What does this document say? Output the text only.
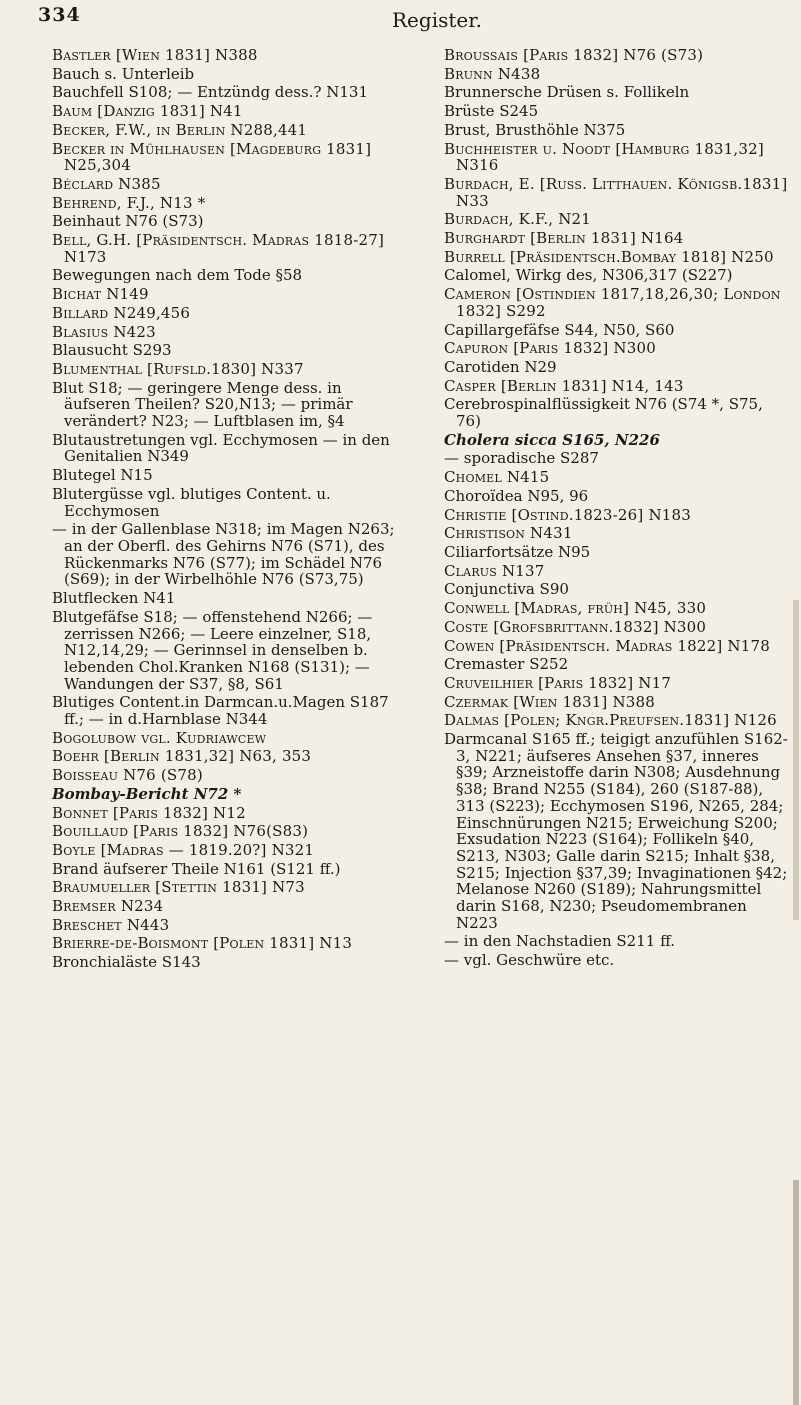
334	Register.

Bastler [Wien 1831] N388

Bauch s. Unterleib

Bauchfell S108; — Entzündg dess.? N131

Baum [Danzig 1831] N41

Becker, F.W., in Berlin N288,441

Becker in Mühlhausen [Magdeburg 1831] N25,304

Béclard N385

Behrend, F.J., N13 *

Beinhaut N76 (S73)

Bell, G.H. [Präsidentsch. Madras 1818-27] N173

Bewegungen nach dem Tode §58

Bichat N149

Billard N249,456

Blasius N423

Blausucht S293

Blumenthal [Rufsld.1830] N337

Blut S18; — geringere Menge dess. in äufseren Theilen? S20,N13; — primär verändert? N23; — Luftblasen im, §4

Blutaustretungen vgl. Ecchymosen — in den Genitalien N349

Blutegel N15

Blutergüsse vgl. blutiges Content. u. Ecchymosen

— in der Gallenblase N318; im Magen N263; an der Oberfl. des Gehirns N76 (S71), des Rückenmarks N76 (S77); im Schädel N76 (S69); in der Wirbelhöhle N76 (S73,75)

Blutflecken N41

Blutgefäfse S18; — offenstehend N266; — zerrissen N266; — Leere einzelner, S18, N12,14,29; — Gerinnsel in denselben b. lebenden Chol.Kranken N168 (S131); — Wandungen der S37, §8, S61

Blutiges Content.in Darmcan.u.Magen S187 ff.; — in d.Harnblase N344

Bogolubow vgl. Kudriawcew

Boehr [Berlin 1831,32] N63, 353

Boisseau N76 (S78)

Bombay-Bericht N72 *

Bonnet [Paris 1832] N12

Bouillaud [Paris 1832] N76(S83)

Boyle [Madras — 1819.20?] N321

Brand äufserer Theile N161 (S121 ff.)

Braumueller [Stettin 1831] N73

Bremser N234

Breschet N443

Brierre-de-Boismont [Polen 1831] N13

Bronchialäste S143

Broussais [Paris 1832] N76 (S73)

Brunn N438

Brunnersche Drüsen s. Follikeln

Brüste S245

Brust, Brusthöhle N375

Buchheister u. Noodt [Hamburg 1831,32] N316

Burdach, E. [Russ. Litthauen. Königsb.1831] N33

Burdach, K.F., N21

Burghardt [Berlin 1831] N164

Burrell [Präsidentsch.Bombay 1818] N250

Calomel, Wirkg des, N306,317 (S227)

Cameron [Ostindien 1817,18,26,30; London 1832] S292

Capillargefäfse S44, N50, S60

Capuron [Paris 1832] N300

Carotiden N29

Casper [Berlin 1831] N14, 143

Cerebrospinalflüssigkeit N76 (S74 *, S75, 76)

Cholera sicca S165, N226

— sporadische S287

Chomel N415

Choroïdea N95, 96

Christie [Ostind.1823-26] N183

Christison N431

Ciliarfortsätze N95

Clarus N137

Conjunctiva S90

Conwell [Madras, früh] N45, 330

Coste [Grofsbrittann.1832] N300

Cowen [Präsidentsch. Madras 1822] N178

Cremaster S252

Cruveilhier [Paris 1832] N17

Czermak [Wien 1831] N388

Dalmas [Polen; Kngr.Preufsen.1831] N126

Darmcanal S165 ff.; teigigt anzufühlen S162-3, N221; äufseres Ansehen §37, inneres §39; Arzneistoffe darin N308; Ausdehnung §38; Brand N255 (S184), 260 (S187-88), 313 (S223); Ecchymosen S196, N265, 284; Einschnürungen N215; Erweichung S200; Exsudation N223 (S164); Follikeln §40, S213, N303; Galle darin S215; Inhalt §38, S215; Injection §37,39; Invaginationen §42; Melanose N260 (S189); Nahrungsmittel darin S168, N230; Pseudomembranen N223

— in den Nachstadien S211 ff.

— vgl. Geschwüre etc.
